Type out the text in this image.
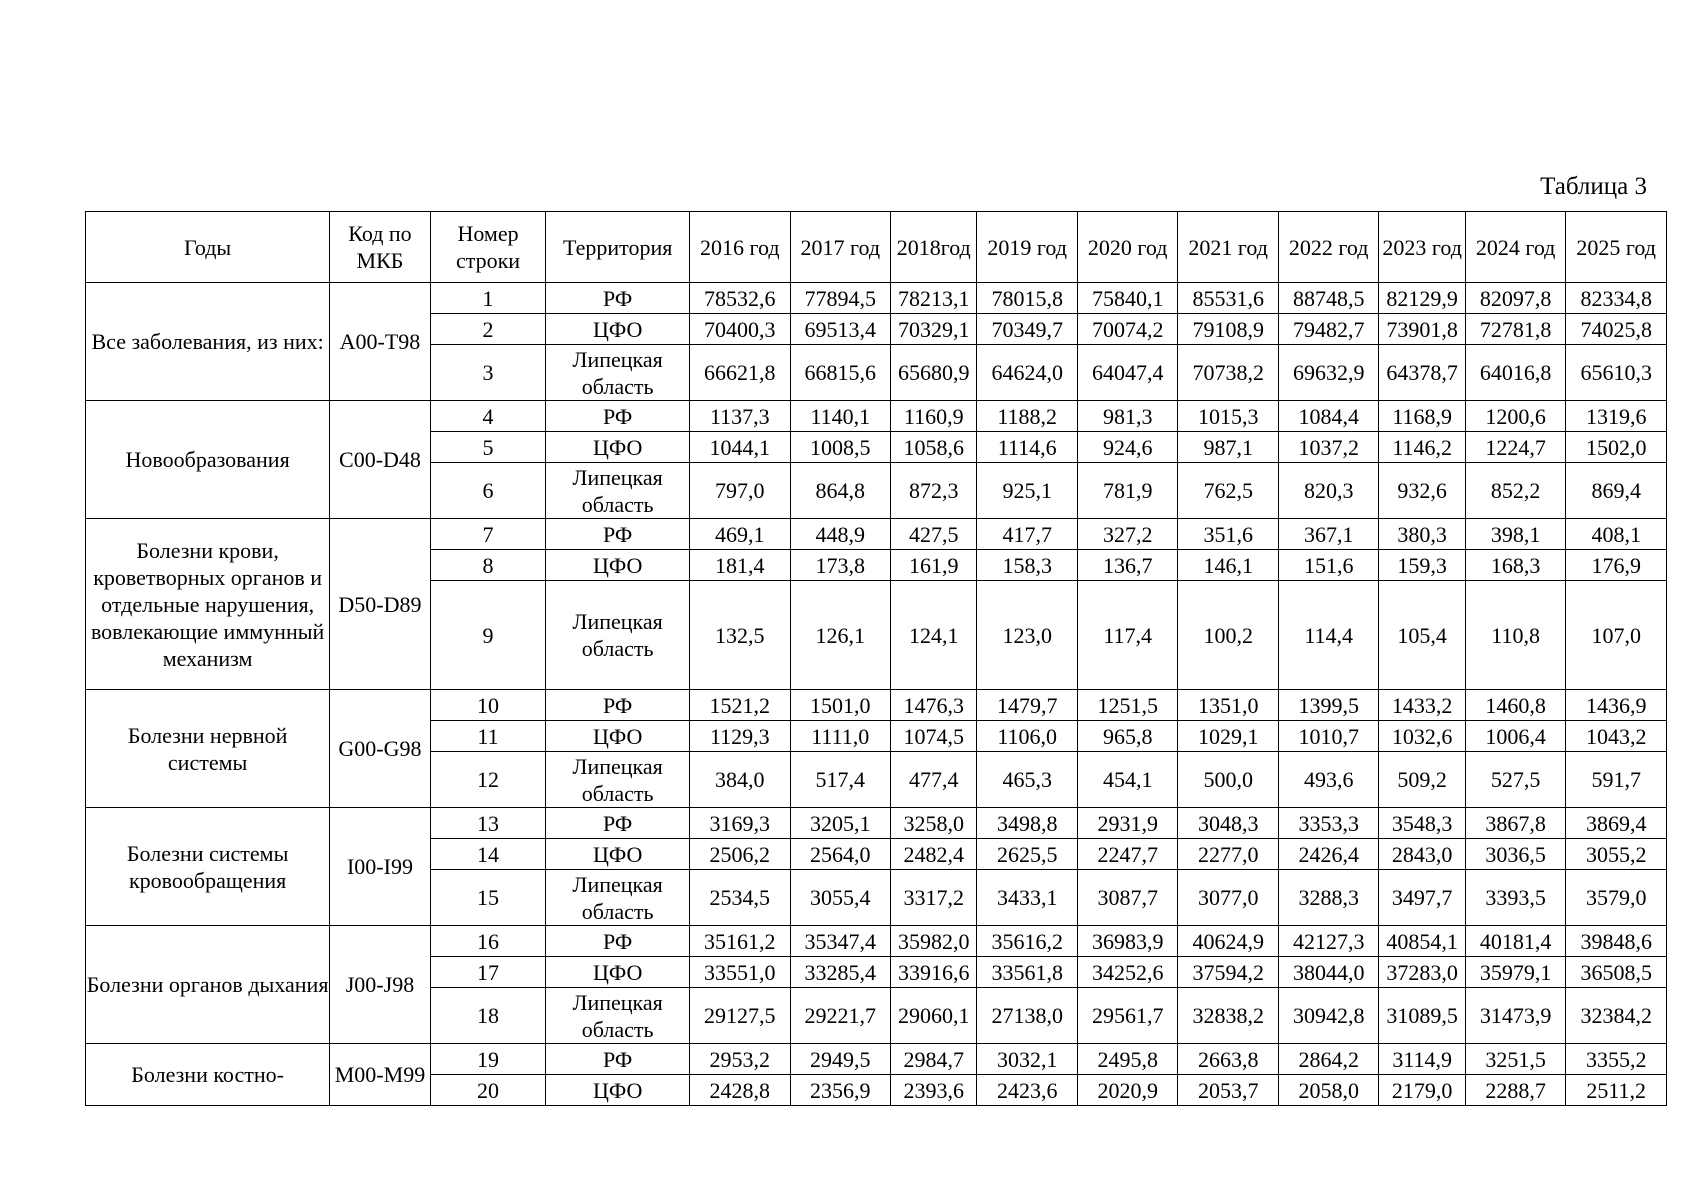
Таблица 3
Годы	Код по МКБ	Номер строки	Территория	2016 год	2017 год	2018год	2019 год	2020 год	2021 год	2022 год	2023 год	2024 год	2025 год
Все заболевания, из них:	A00-T98	1	РФ	78532,6	77894,5	78213,1	78015,8	75840,1	85531,6	88748,5	82129,9	82097,8	82334,8
		2	ЦФО	70400,3	69513,4	70329,1	70349,7	70074,2	79108,9	79482,7	73901,8	72781,8	74025,8
		3	Липецкая область	66621,8	66815,6	65680,9	64624,0	64047,4	70738,2	69632,9	64378,7	64016,8	65610,3
Новообразования	C00-D48	4	РФ	1137,3	1140,1	1160,9	1188,2	981,3	1015,3	1084,4	1168,9	1200,6	1319,6
		5	ЦФО	1044,1	1008,5	1058,6	1114,6	924,6	987,1	1037,2	1146,2	1224,7	1502,0
		6	Липецкая область	797,0	864,8	872,3	925,1	781,9	762,5	820,3	932,6	852,2	869,4
Болезни крови, кроветворных органов и отдельные нарушения, вовлекающие иммунный механизм	D50-D89	7	РФ	469,1	448,9	427,5	417,7	327,2	351,6	367,1	380,3	398,1	408,1
		8	ЦФО	181,4	173,8	161,9	158,3	136,7	146,1	151,6	159,3	168,3	176,9
		9	Липецкая область	132,5	126,1	124,1	123,0	117,4	100,2	114,4	105,4	110,8	107,0
Болезни нервной системы	G00-G98	10	РФ	1521,2	1501,0	1476,3	1479,7	1251,5	1351,0	1399,5	1433,2	1460,8	1436,9
		11	ЦФО	1129,3	1111,0	1074,5	1106,0	965,8	1029,1	1010,7	1032,6	1006,4	1043,2
		12	Липецкая область	384,0	517,4	477,4	465,3	454,1	500,0	493,6	509,2	527,5	591,7
Болезни системы кровообращения	I00-I99	13	РФ	3169,3	3205,1	3258,0	3498,8	2931,9	3048,3	3353,3	3548,3	3867,8	3869,4
		14	ЦФО	2506,2	2564,0	2482,4	2625,5	2247,7	2277,0	2426,4	2843,0	3036,5	3055,2
		15	Липецкая область	2534,5	3055,4	3317,2	3433,1	3087,7	3077,0	3288,3	3497,7	3393,5	3579,0
Болезни органов дыхания	J00-J98	16	РФ	35161,2	35347,4	35982,0	35616,2	36983,9	40624,9	42127,3	40854,1	40181,4	39848,6
		17	ЦФО	33551,0	33285,4	33916,6	33561,8	34252,6	37594,2	38044,0	37283,0	35979,1	36508,5
		18	Липецкая область	29127,5	29221,7	29060,1	27138,0	29561,7	32838,2	30942,8	31089,5	31473,9	32384,2
Болезни костно-	M00-M99	19	РФ	2953,2	2949,5	2984,7	3032,1	2495,8	2663,8	2864,2	3114,9	3251,5	3355,2
		20	ЦФО	2428,8	2356,9	2393,6	2423,6	2020,9	2053,7	2058,0	2179,0	2288,7	2511,2
